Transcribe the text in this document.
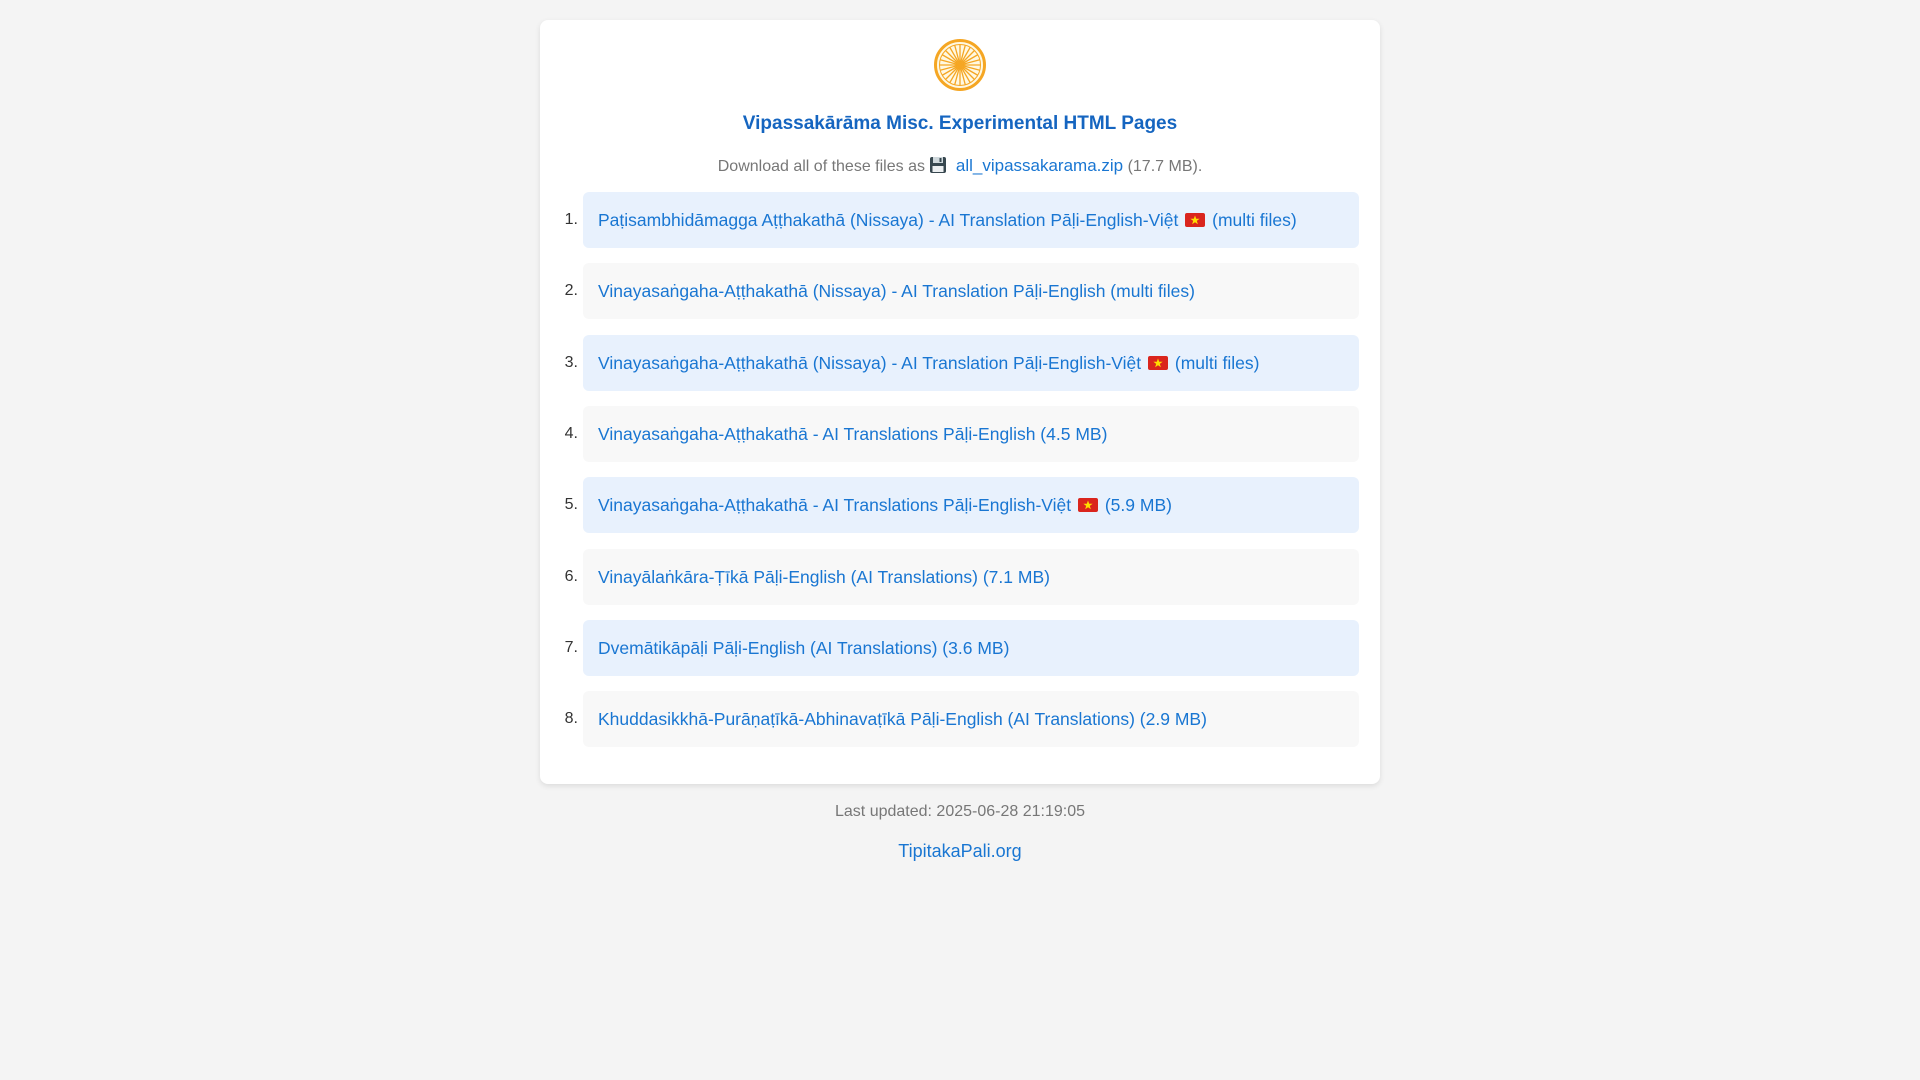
Vipassakārāma Misc. Experimental HTML Pages
Download all of these files as all_vipassakarama.zip (17.7 MB).
1. Paṭisambhidāmagga Aṭṭhakathā (Nissaya) - AI Translation Pāḷi-English-Việt (multi files)
2. Vinayasaṅgaha-Aṭṭhakathā (Nissaya) - AI Translation Pāḷi-English (multi files)
3. Vinayasaṅgaha-Aṭṭhakathā (Nissaya) - AI Translation Pāḷi-English-Việt (multi files)
4. Vinayasaṅgaha-Aṭṭhakathā - AI Translations Pāḷi-English (4.5 MB)
5. Vinayasaṅgaha-Aṭṭhakathā - AI Translations Pāḷi-English-Việt (5.9 MB)
6. Vinayālaṅkāra-Ṭīkā Pāḷi-English (AI Translations) (7.1 MB)
7. Dvemātikāpāḷi Pāḷi-English (AI Translations) (3.6 MB)
8. Khuddasikkhā-Purāṇaṭīkā-Abhinavaṭīkā Pāḷi-English (AI Translations) (2.9 MB)
Last updated: 2025-06-28 21:19:05
TipitakaPali.org
